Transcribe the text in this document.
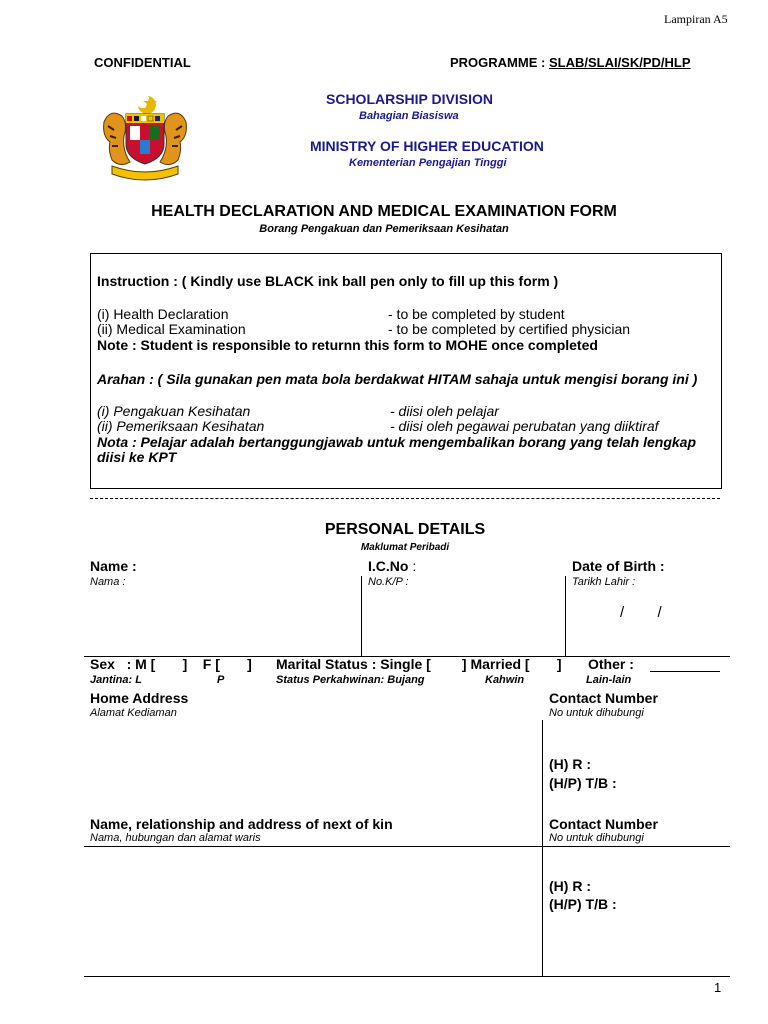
Lampiran A5
CONFIDENTIAL	PROGRAMME : SLAB/SLAI/SK/PD/HLP
SCHOLARSHIP DIVISION
Bahagian Biasiswa
MINISTRY OF HIGHER EDUCATION
Kementerian Pengajian Tinggi
HEALTH DECLARATION AND MEDICAL EXAMINATION FORM
Borang Pengakuan dan Pemeriksaan Kesihatan
Instruction : ( Kindly use BLACK ink ball pen only to fill up this form )
(i) Health Declaration	- to be completed by student
(ii) Medical Examination	- to be completed by certified physician
Note : Student is responsible to returnn this form to MOHE once completed
Arahan : ( Sila gunakan pen mata bola berdakwat HITAM sahaja untuk mengisi borang ini )
(i) Pengakuan Kesihatan	- diisi oleh pelajar
(ii) Pemeriksaan Kesihatan	- diisi oleh pegawai perubatan yang diiktiraf
Nota : Pelajar adalah bertanggungjawab untuk mengembalikan borang yang telah lengkap
diisi ke KPT
PERSONAL DETAILS
Maklumat Peribadi
Name :
Nama :
I.C.No :
No.K/P :
Date of Birth :
Tarikh Lahir :
/        /
Sex   : M [       ]    F [       ] Marital Status : Single [        ] Married [       ] Other :
Jantina: L	P	Status Perkahwinan: Bujang	Kahwin	Lain-lain
Home Address
Alamat Kediaman
Contact Number
No untuk dihubungi
(H) R :
(H/P) T/B :
Name, relationship and address of next of kin
Nama, hubungan dan alamat waris
Contact Number
No untuk dihubungi
(H) R :
(H/P) T/B :
1
